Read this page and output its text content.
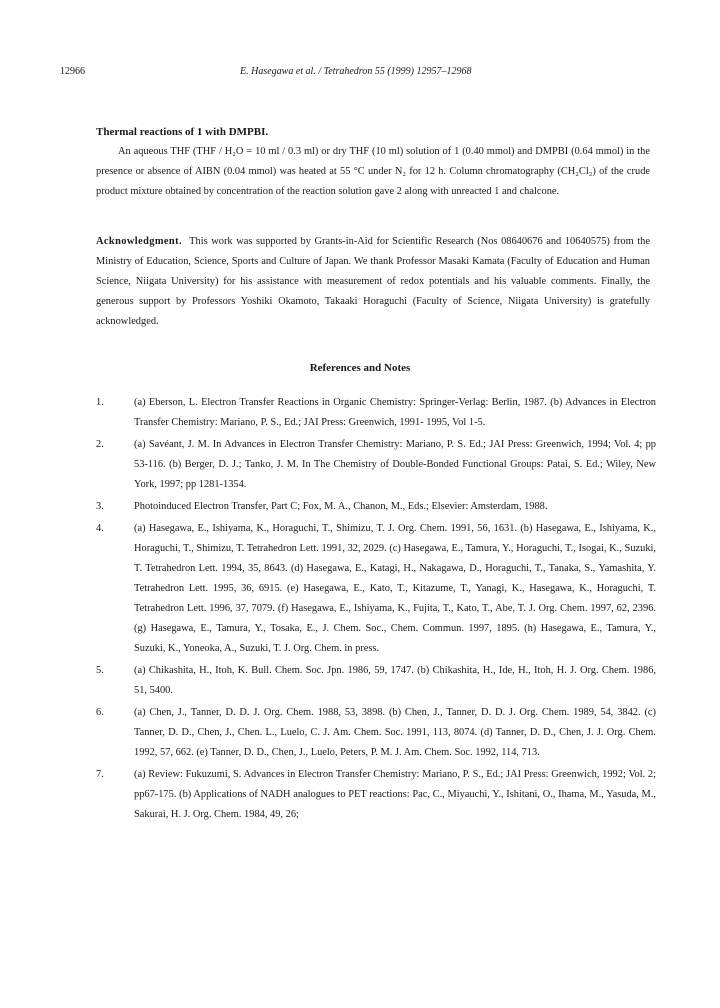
12966	E. Hasegawa et al. / Tetrahedron 55 (1999) 12957–12968
Thermal reactions of 1 with DMPBI.

An aqueous THF (THF / H₂O = 10 ml / 0.3 ml) or dry THF (10 ml) solution of 1 (0.40 mmol) and DMPBI (0.64 mmol) in the presence or absence of AIBN (0.04 mmol) was heated at 55 °C under N₂ for 12 h. Column chromatography (CH₂Cl₂) of the crude product mixture obtained by concentration of the reaction solution gave 2 along with unreacted 1 and chalcone.

Acknowledgment. This work was supported by Grants-in-Aid for Scientific Research (Nos 08640676 and 10640575) from the Ministry of Education, Science, Sports and Culture of Japan. We thank Professor Masaki Kamata (Faculty of Education and Human Science, Niigata University) for his assistance with measurement of redox potentials and his valuable comments. Finally, the generous support by Professors Yoshiki Okamoto, Takaaki Horaguchi (Faculty of Science, Niigata University) is gratefully acknowledged.

References and Notes
1.	(a) Eberson, L. Electron Transfer Reactions in Organic Chemistry: Springer-Verlag: Berlin, 1987. (b) Advances in Electron Transfer Chemistry: Mariano, P. S., Ed.; JAI Press: Greenwich, 1991- 1995, Vol 1-5.
2.	(a) Savéant, J. M. In Advances in Electron Transfer Chemistry: Mariano, P. S. Ed.; JAI Press: Greenwich, 1994; Vol. 4; pp 53-116. (b) Berger, D. J.; Tanko, J. M. In The Chemistry of Double-Bonded Functional Groups: Patai, S. Ed.; Wiley, New York, 1997; pp 1281-1354.
3.	Photoinduced Electron Transfer, Part C; Fox, M. A., Chanon, M., Eds.; Elsevier: Amsterdam, 1988.
4.	(a) Hasegawa, E., Ishiyama, K., Horaguchi, T., Shimizu, T. J. Org. Chem. 1991, 56, 1631. (b) Hasegawa, E., Ishiyama, K., Horaguchi, T., Shimizu, T. Tetrahedron Lett. 1991, 32, 2029. (c) Hasegawa, E., Tamura, Y., Horaguchi, T., Isogai, K., Suzuki, T. Tetrahedron Lett. 1994, 35, 8643. (d) Hasegawa, E., Katagi, H., Nakagawa, D., Horaguchi, T., Tanaka, S., Yamashita, Y. Tetrahedron Lett. 1995, 36, 6915. (e) Hasegawa, E., Kato, T., Kitazume, T., Yanagi, K., Hasegawa, K., Horaguchi, T. Tetrahedron Lett. 1996, 37, 7079. (f) Hasegawa, E., Ishiyama, K., Fujita, T., Kato, T., Abe, T. J. Org. Chem. 1997, 62, 2396. (g) Hasegawa, E., Tamura, Y., Tosaka, E., J. Chem. Soc., Chem. Commun. 1997, 1895. (h) Hasegawa, E., Tamura, Y., Suzuki, K., Yoneoka, A., Suzuki, T. J. Org. Chem. in press.
5.	(a) Chikashita, H., Itoh, K. Bull. Chem. Soc. Jpn. 1986, 59, 1747. (b) Chikashita, H., Ide, H., Itoh, H. J. Org. Chem. 1986, 51, 5400.
6.	(a) Chen, J., Tanner, D. D. J. Org. Chem. 1988, 53, 3898. (b) Chen, J., Tanner, D. D. J. Org. Chem. 1989, 54, 3842. (c) Tanner, D. D., Chen, J., Chen. L., Luelo, C. J. Am. Chem. Soc. 1991, 113, 8074. (d) Tanner, D. D., Chen, J. J. Org. Chem. 1992, 57, 662. (e) Tanner, D. D., Chen, J., Luelo, Peters, P. M. J. Am. Chem. Soc. 1992, 114, 713.
7.	(a) Review: Fukuzumi, S. Advances in Electron Transfer Chemistry: Mariano, P. S., Ed.; JAI Press: Greenwich, 1992; Vol. 2; pp67-175. (b) Applications of NADH analogues to PET reactions: Pac, C., Miyauchi, Y., Ishitani, O., Ihama, M., Yasuda, M., Sakurai, H. J. Org. Chem. 1984, 49, 26;
